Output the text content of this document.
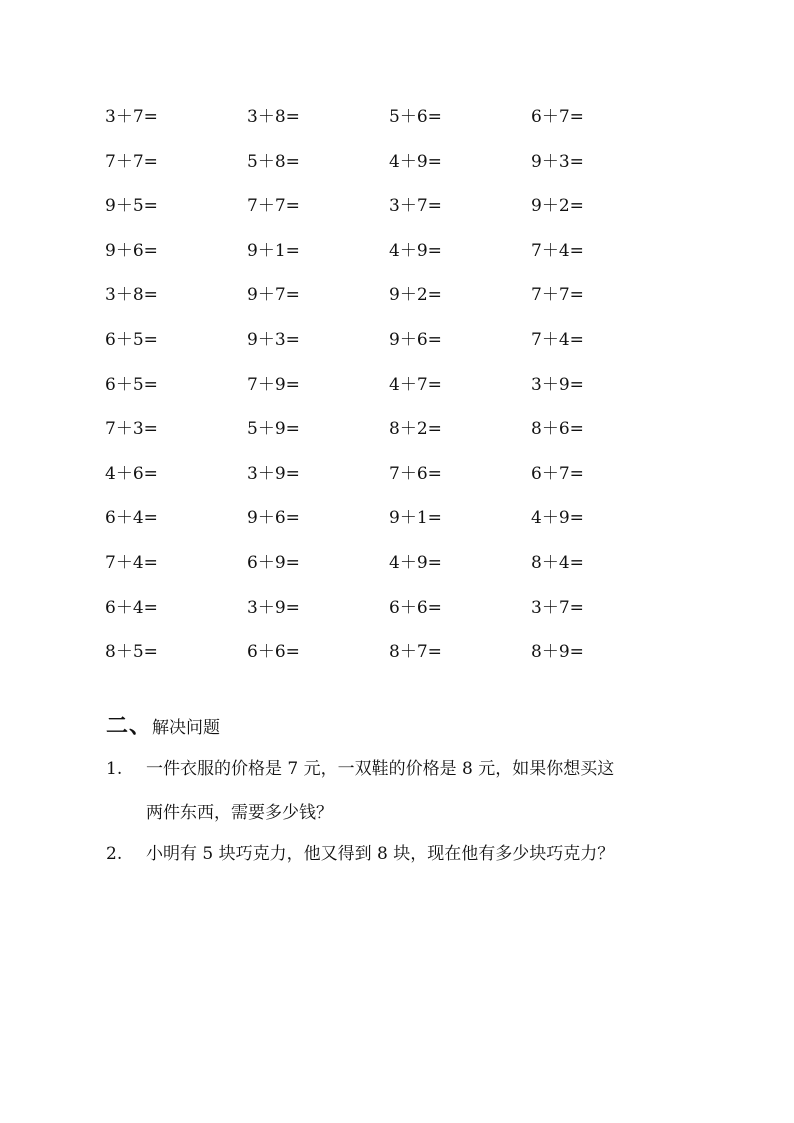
3＋7=	3＋8=	5＋6=	6＋7=
7＋7=	5＋8=	4＋9=	9＋3=
9＋5=	7＋7=	3＋7=	9＋2=
9＋6=	9＋1=	4＋9=	7＋4=
3＋8=	9＋7=	9＋2=	7＋7=
6＋5=	9＋3=	9＋6=	7＋4=
6＋5=	7＋9=	4＋7=	3＋9=
7＋3=	5＋9=	8＋2=	8＋6=
4＋6=	3＋9=	7＋6=	6＋7=
6＋4=	9＋6=	9＋1=	4＋9=
7＋4=	6＋9=	4＋9=	8＋4=
6＋4=	3＋9=	6＋6=	3＋7=
8＋5=	6＋6=	8＋7=	8＋9=
二、解决问题
1.	一件衣服的价格是 7 元，一双鞋的价格是 8 元，如果你想买这
两件东西，需要多少钱？
2.	小明有 5 块巧克力，他又得到 8 块，现在他有多少块巧克力？
